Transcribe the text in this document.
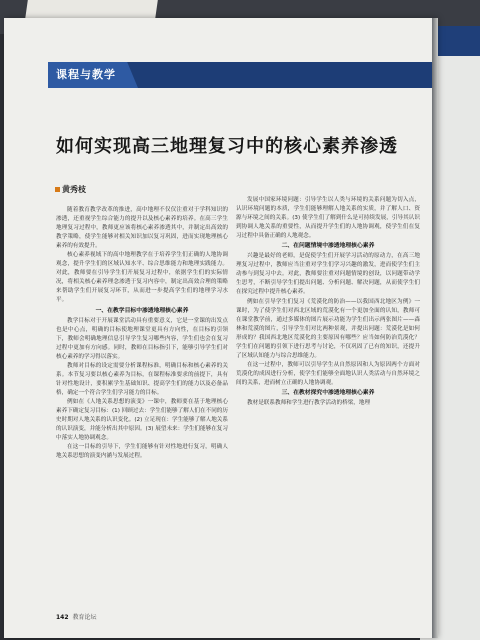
课程与教学
如何实现高三地理复习中的核心素养渗透
黄秀枝

随着教育教学改革的推进，高中地理不仅仅注重对于学科知识的渗透，还重视学生综合能力的提升以及核心素养的培养。在高三学生地理复习过程中，教师更应该将核心素养渗透其中，并制定出高效的教学策略，使学生能够对相关知识加以复习巩固，进而实现地理核心素养的有效提升。

核心素养视域下的高中地理教学在于培养学生们正确的人地协调观念，提升学生们的区域认知水平、综合思维能力和地理实践能力。对此，教师要在引导学生们开展复习过程中，依据学生们的实际情况，将相关核心素养理念渗透于复习内容中，制定出高效合理的策略来帮助学生们开展复习环节，从而进一步提高学生们的地理学习水平。

一、在教学目标中渗透地理核心素养

教学目标对于开展课堂活动具有重要意义，它是一堂课的出发点也是中心点，明确的目标使地理课堂更具有方向性，在目标的引领下，教师会明确地理信息引导学生复习哪些内容，学生们也会在复习过程中更加有方向感。同时，教师在目标指引下，能够引导学生们对核心素养的学习得以落实。

教师对目标的设定需要分析课程标准，明确目标和核心素养的关系。本节复习要以核心素养为目标，在课程标准要求的前提下，具有针对性地设计，要积累学生基础知识、提高学生们的能力以及必备品格，确定一个符合学生们学习能力的目标。

例如在《人地关系思想的演变》一课中，教师要在基于地理核心素养下确定复习目标：(1) 回顾过去：学生们能够了解人们在不同的历史时期对人地关系的认识变化。(2) 立足现在：学生能够了解人地关系的认识演变，并能分析出其中原因。(3) 展望未来：学生们能够在复习中落实人地协调观念。

在这一目标的引导下，学生们能够有针对性地进行复习，明确人地关系思想的演变内涵与发展过程。

发展中国家环境问题：引导学生以人类与环境的关系问题为切入点，认识环境问题的本质，学生们能够理解人地关系的实质，并了解人口、资源与环境之间的关系。(3) 使学生们了解到什么是可持续发展，引导其认识到协调人地关系的重要性，从而提升学生们的人地协调观，使学生们在复习过程中具备正确的人地观念。

二、在问题情境中渗透地理核心素养

兴趣是最好的老师，是促使学生们开展学习活动的原动力，在高三地理复习过程中，教师应当注重对学生们学习兴趣的激发，进而使学生们主动参与到复习中去。对此，教师要注重对问题情境的创设，以问题带动学生思考，不断引导学生们提出问题、分析问题、解决问题，从而使学生们在探究过程中提升核心素养。

例如在引导学生们复习《荒漠化的防治——以我国西北地区为例》一课时，为了使学生们对西北区域的荒漠化有一个更加全面的认知，教师可在课堂教学前，通过多媒体的图片展示功能为学生们出示两张图片——森林和荒漠的图片，引导学生们对比两种景观，并提出问题：荒漠化是如何形成的？我国西北地区荒漠化的主要原因有哪些？应当如何防治荒漠化？学生们在问题的引领下进行思考与讨论，不仅巩固了已有的知识，还提升了区域认知能力与综合思维能力。

在这一过程中，教师可以引导学生从自然原因和人为原因两个方面对荒漠化的成因进行分析，使学生们能够全面地认识人类活动与自然环境之间的关系，进而树立正确的人地协调观。

三、在教材探究中渗透地理核心素养

教材是联系教师和学生进行教学活动的桥梁，地理

142 教育论坛
